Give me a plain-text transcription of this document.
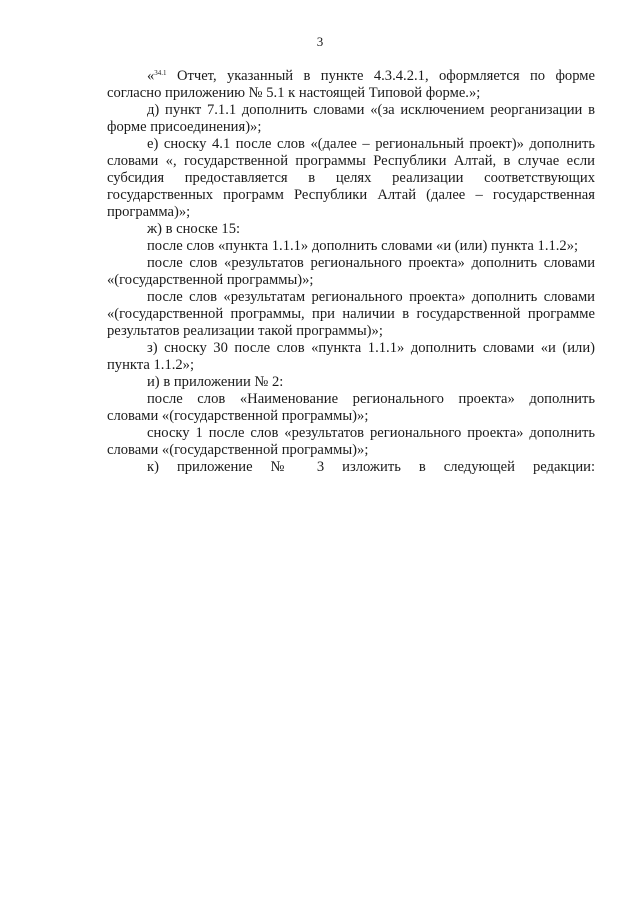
3

«$^{34.1}$ Отчет, указанный в пункте 4.3.4.2.1, оформляется по форме согласно приложению № 5.1 к настоящей Типовой форме.»;

д) пункт 7.1.1 дополнить словами «(за исключением реорганизации в форме присоединения)»;

е) сноску 4.1 после слов «(далее – региональный проект)» дополнить словами «, государственной программы Республики Алтай, в случае если субсидия предоставляется в целях реализации соответствующих государственных программ Республики Алтай (далее – государственная программа)»;

ж) в сноске 15:

после слов «пункта 1.1.1» дополнить словами «и (или) пункта 1.1.2»;

после слов «результатов регионального проекта» дополнить словами «(государственной программы)»;

после слов «результатам регионального проекта» дополнить словами «(государственной программы, при наличии в государственной программе результатов реализации такой программы)»;

з) сноску 30 после слов «пункта 1.1.1» дополнить словами «и (или) пункта 1.1.2»;

и) в приложении № 2:

после слов «Наименование регионального проекта» дополнить словами «(государственной программы)»;

сноску 1 после слов «результатов регионального проекта» дополнить словами «(государственной программы)»;

к) приложение № 3 изложить в следующей редакции:
